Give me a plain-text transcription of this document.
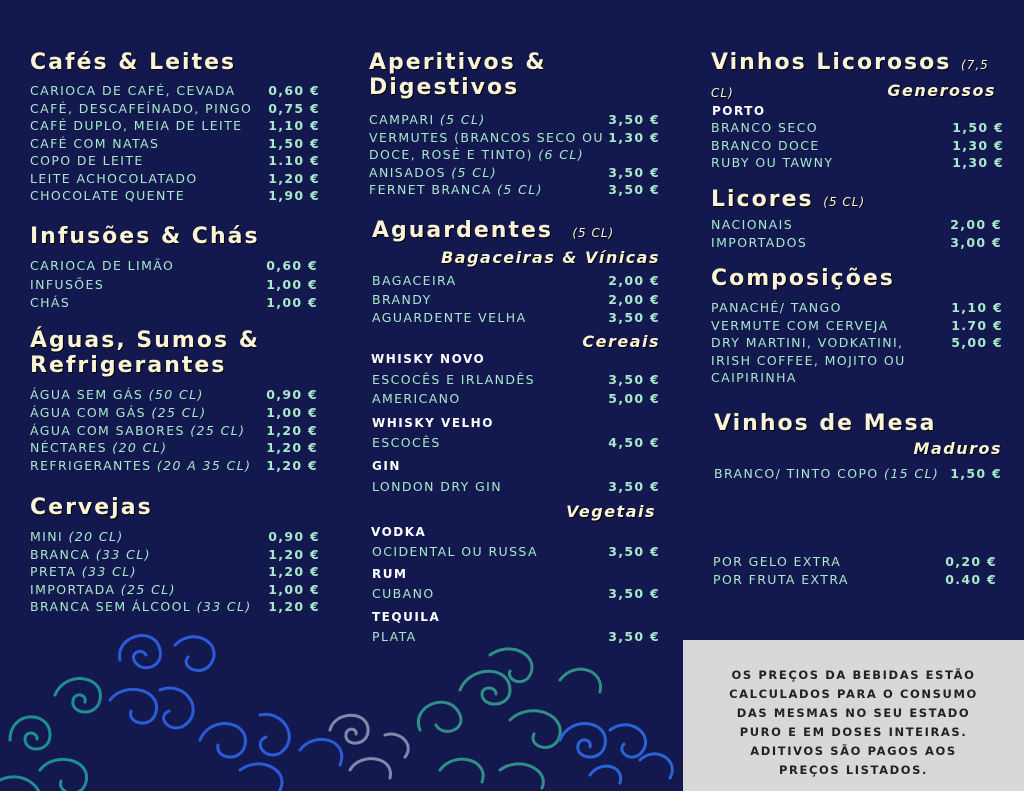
Cafés & Leites
CARIOCA DE CAFÉ, CEVADA	0,60 €
CAFÉ, DESCAFEÍNADO, PINGO 0,75 €
CAFÉ DUPLO, MEIA DE LEITE 1,10 €
CAFÉ COM NATAS	1,50 €
COPO DE LEITE	1.10 €
LEITE ACHOCOLATADO	1,20 €
CHOCOLATE QUENTE	1,90 €
Infusões & Chás
CARIOCA DE LIMÃO	0,60 €
INFUSÕES	1,00 €
CHÁS	1,00 €
Águas, Sumos &
Refrigerantes
ÁGUA SEM GÁS (50 CL)	0,90 €
ÁGUA COM GÁS (25 CL)	1,00 €
ÁGUA COM SABORES (25 CL) 1,20 €
NÉCTARES (20 CL)	1,20 €
REFRIGERANTES (20 A 35 CL) 1,20 €
Cervejas
MINI (20 CL)	0,90 €
BRANCA (33 CL)	1,20 €
PRETA (33 CL)	1,20 €
IMPORTADA (25 CL)	1,00 €
BRANCA SEM ÁLCOOL (33 CL) 1,20 €
Aperitivos &
Digestivos
CAMPARI (5 CL)	3,50 €
VERMUTES (BRANCOS SECO OU 1,30 €
DOCE, ROSÉ E TINTO) (6 CL)
ANISADOS (5 CL)	3,50 €
FERNET BRANCA (5 CL)	3,50 €
Aguardentes (5 CL)
Bagaceiras & Vínicas
BAGACEIRA	2,00 €
BRANDY	2,00 €
AGUARDENTE VELHA	3,50 €
Cereais
WHISKY NOVO
ESCOCÊS E IRLANDÊS	3,50 €
AMERICANO	5,00 €
WHISKY VELHO
ESCOCÊS	4,50 €
GIN
LONDON DRY GIN	3,50 €
Vegetais
VODKA
OCIDENTAL OU RUSSA	3,50 €
RUM
CUBANO	3,50 €
TEQUILA
PLATA	3,50 €
Vinhos Licorosos (7,5 CL)	Generosos
PORTO
BRANCO SECO	1,50 €
BRANCO DOCE	1,30 €
RUBY OU TAWNY	1,30 €
Licores (5 CL)
NACIONAIS	2,00 €
IMPORTADOS	3,00 €
Composições
PANACHÉ/ TANGO	1,10 €
VERMUTE COM CERVEJA	1.70 €
DRY MARTINI, VODKATINI,	5,00 €
IRISH COFFEE, MOJITO OU
CAIPIRINHA
Vinhos de Mesa
Maduros
BRANCO/ TINTO COPO (15 CL) 1,50 €
POR GELO EXTRA	0,20 €
POR FRUTA EXTRA	0.40 €
OS PREÇOS DA BEBIDAS ESTÃO CALCULADOS PARA O CONSUMO DAS MESMAS NO SEU ESTADO PURO E EM DOSES INTEIRAS. ADITIVOS SÃO PAGOS AOS PREÇOS LISTADOS.
